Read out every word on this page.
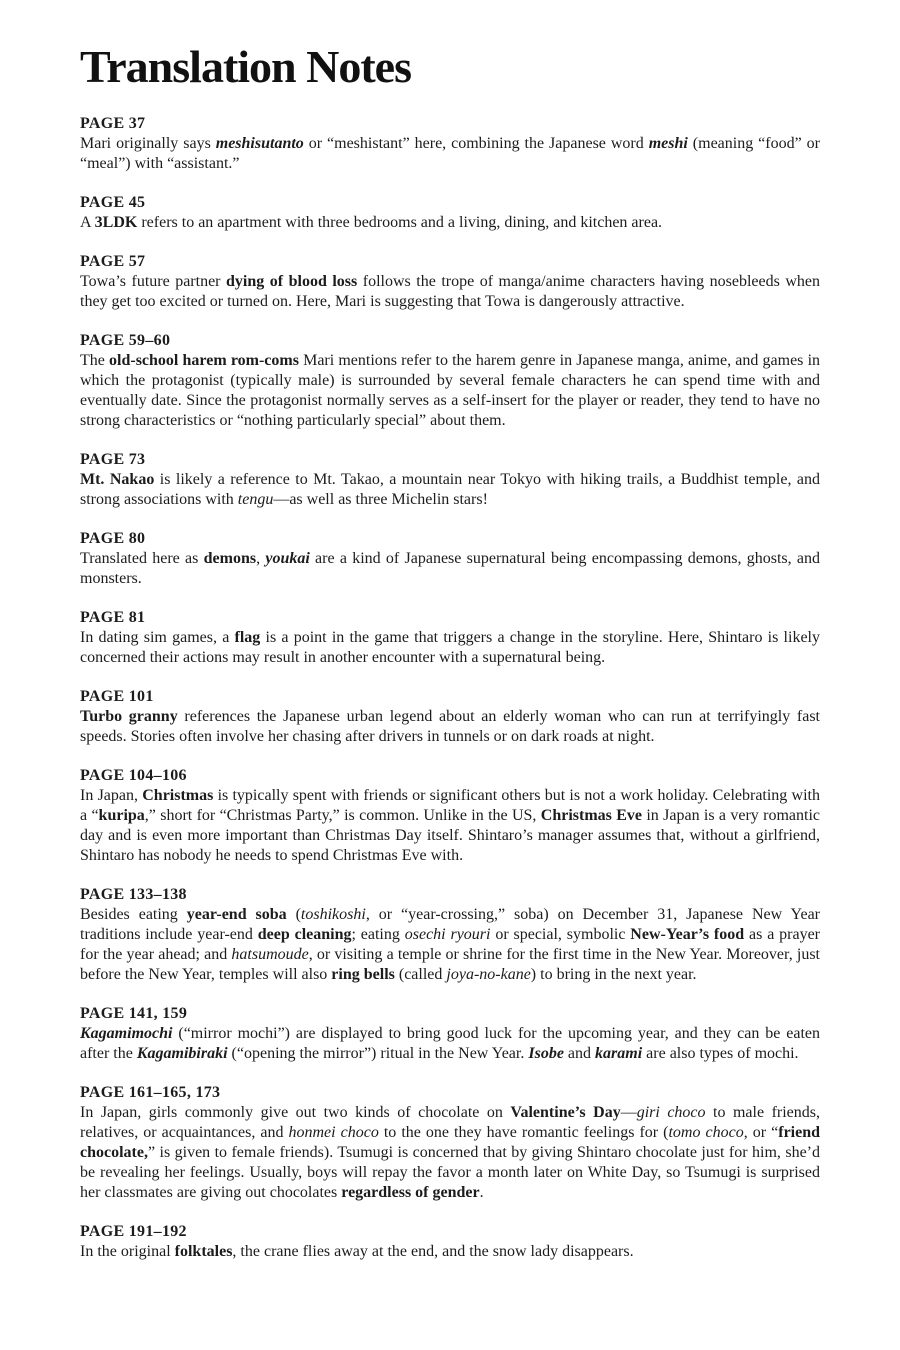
Translation Notes
PAGE 37

Mari originally says meshisutanto or “meshistant” here, combining the Japanese word meshi (meaning “food” or “meal”) with “assistant.”

PAGE 45

A 3LDK refers to an apartment with three bedrooms and a living, dining, and kitchen area.

PAGE 57

Towa’s future partner dying of blood loss follows the trope of manga/anime characters having nosebleeds when they get too excited or turned on. Here, Mari is suggesting that Towa is dangerously attractive.

PAGE 59–60

The old-school harem rom-coms Mari mentions refer to the harem genre in Japanese manga, anime, and games in which the protagonist (typically male) is surrounded by several female characters he can spend time with and eventually date. Since the protagonist normally serves as a self-insert for the player or reader, they tend to have no strong characteristics or “nothing particularly special” about them.

PAGE 73

Mt. Nakao is likely a reference to Mt. Takao, a mountain near Tokyo with hiking trails, a Buddhist temple, and strong associations with tengu—as well as three Michelin stars!

PAGE 80

Translated here as demons, youkai are a kind of Japanese supernatural being encompassing demons, ghosts, and monsters.

PAGE 81

In dating sim games, a flag is a point in the game that triggers a change in the storyline. Here, Shintaro is likely concerned their actions may result in another encounter with a supernatural being.

PAGE 101

Turbo granny references the Japanese urban legend about an elderly woman who can run at terrifyingly fast speeds. Stories often involve her chasing after drivers in tunnels or on dark roads at night.

PAGE 104–106

In Japan, Christmas is typically spent with friends or significant others but is not a work holiday. Celebrating with a “kuripa,” short for “Christmas Party,” is common. Unlike in the US, Christmas Eve in Japan is a very romantic day and is even more important than Christmas Day itself. Shintaro’s manager assumes that, without a girlfriend, Shintaro has nobody he needs to spend Christmas Eve with.

PAGE 133–138

Besides eating year-end soba (toshikoshi, or “year-crossing,” soba) on December 31, Japanese New Year traditions include year-end deep cleaning; eating osechi ryouri or special, symbolic New-Year’s food as a prayer for the year ahead; and hatsumoude, or visiting a temple or shrine for the first time in the New Year. Moreover, just before the New Year, temples will also ring bells (called joya-no-kane) to bring in the next year.

PAGE 141, 159

Kagamimochi (“mirror mochi”) are displayed to bring good luck for the upcoming year, and they can be eaten after the Kagamibiraki (“opening the mirror”) ritual in the New Year. Isobe and karami are also types of mochi.

PAGE 161–165, 173

In Japan, girls commonly give out two kinds of chocolate on Valentine’s Day—giri choco to male friends, relatives, or acquaintances, and honmei choco to the one they have romantic feelings for (tomo choco, or “friend chocolate,” is given to female friends). Tsumugi is concerned that by giving Shintaro chocolate just for him, she’d be revealing her feelings. Usually, boys will repay the favor a month later on White Day, so Tsumugi is surprised her classmates are giving out chocolates regardless of gender.

PAGE 191–192

In the original folktales, the crane flies away at the end, and the snow lady disappears.
